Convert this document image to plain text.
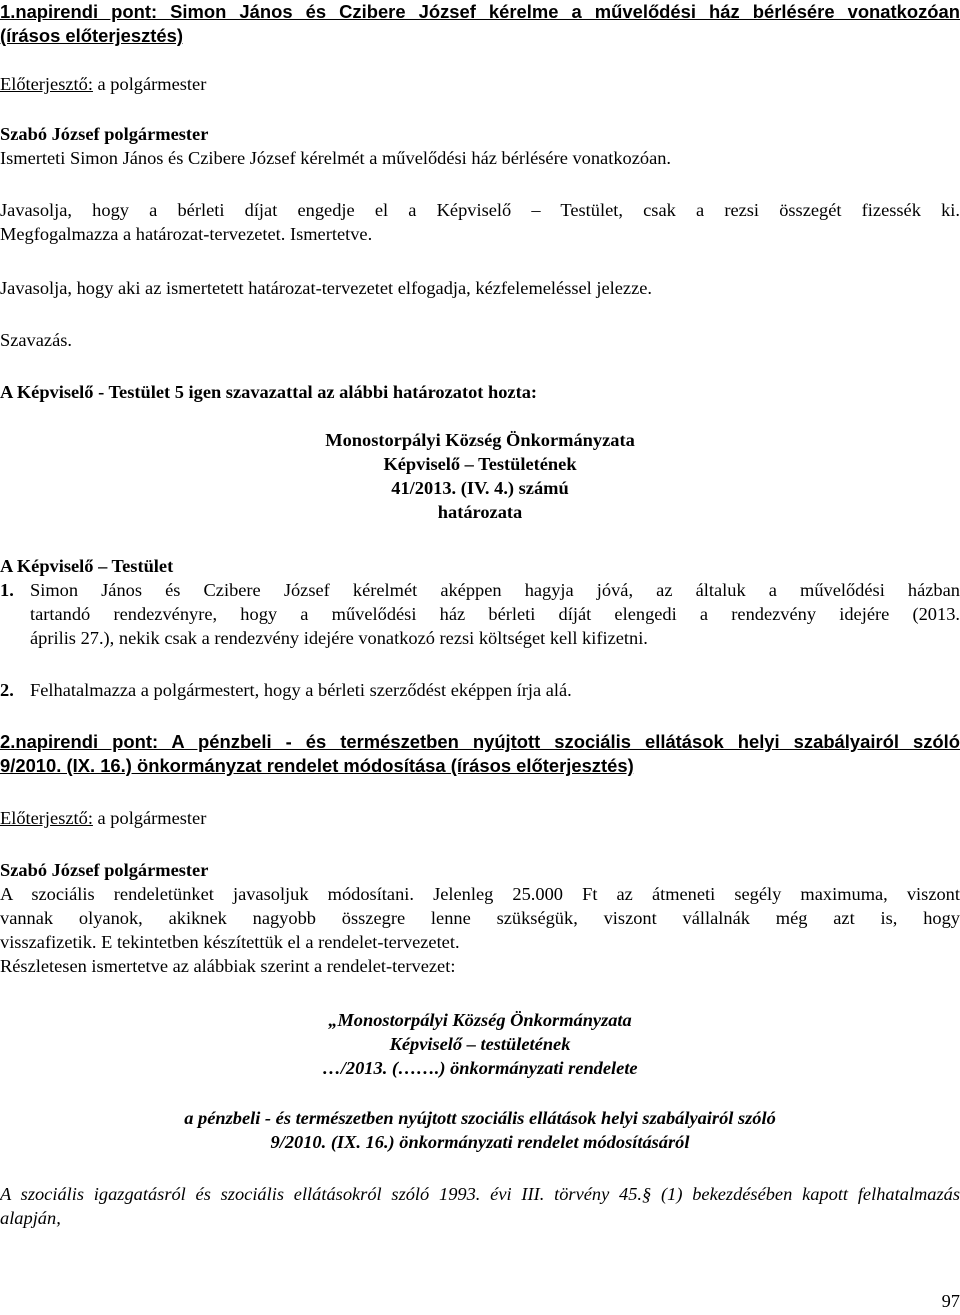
1.napirendi pont: Simon János és Czibere József kérelme a művelődési ház bérlésére vonatkozóan
(írásos előterjesztés)

Előterjesztő: a polgármester

Szabó József polgármester

Ismerteti Simon János és Czibere József kérelmét a művelődési ház bérlésére vonatkozóan.

Javasolja, hogy a bérleti díjat engedje el a Képviselő – Testület, csak a rezsi összegét fizessék ki.

Megfogalmazza a határozat-tervezetet. Ismertetve.

Javasolja, hogy aki az ismertetett határozat-tervezetet elfogadja, kézfelemeléssel jelezze.

Szavazás.

A Képviselő - Testület 5 igen szavazattal az alábbi határozatot hozta:

Monostorpályi Község Önkormányzata
Képviselő – Testületének
41/2013. (IV. 4.) számú
határozata

A Képviselő – Testület

1. Simon János és Czibere József kérelmét aképpen hagyja jóvá, az általuk a művelődési házban
tartandó rendezvényre, hogy a művelődési ház bérleti díját elengedi a rendezvény idejére (2013.
április 27.), nekik csak a rendezvény idejére vonatkozó rezsi költséget kell kifizetni.
2. Felhatalmazza a polgármestert, hogy a bérleti szerződést eképpen írja alá.
2.napirendi pont: A pénzbeli - és természetben nyújtott szociális ellátások helyi szabályairól szóló
9/2010. (IX. 16.) önkormányzat rendelet módosítása (írásos előterjesztés)

Előterjesztő: a polgármester

Szabó József polgármester

A szociális rendeletünket javasoljuk módosítani. Jelenleg 25.000 Ft az átmeneti segély maximuma, viszont
vannak olyanok, akiknek nagyobb összegre lenne szükségük, viszont vállalnák még azt is, hogy
visszafizetik. E tekintetben készítettük el a rendelet-tervezetet.
Részletesen ismertetve az alábbiak szerint a rendelet-tervezet:
„Monostorpályi Község Önkormányzata
Képviselő – testületének
…/2013. (…….) önkormányzati rendelete
a pénzbeli - és természetben nyújtott szociális ellátások helyi szabályairól szóló
9/2010. (IX. 16.) önkormányzati rendelet módosításáról
A szociális igazgatásról és szociális ellátásokról szóló 1993. évi III. törvény 45.§ (1) bekezdésében kapott felhatalmazás
alapján,
97
